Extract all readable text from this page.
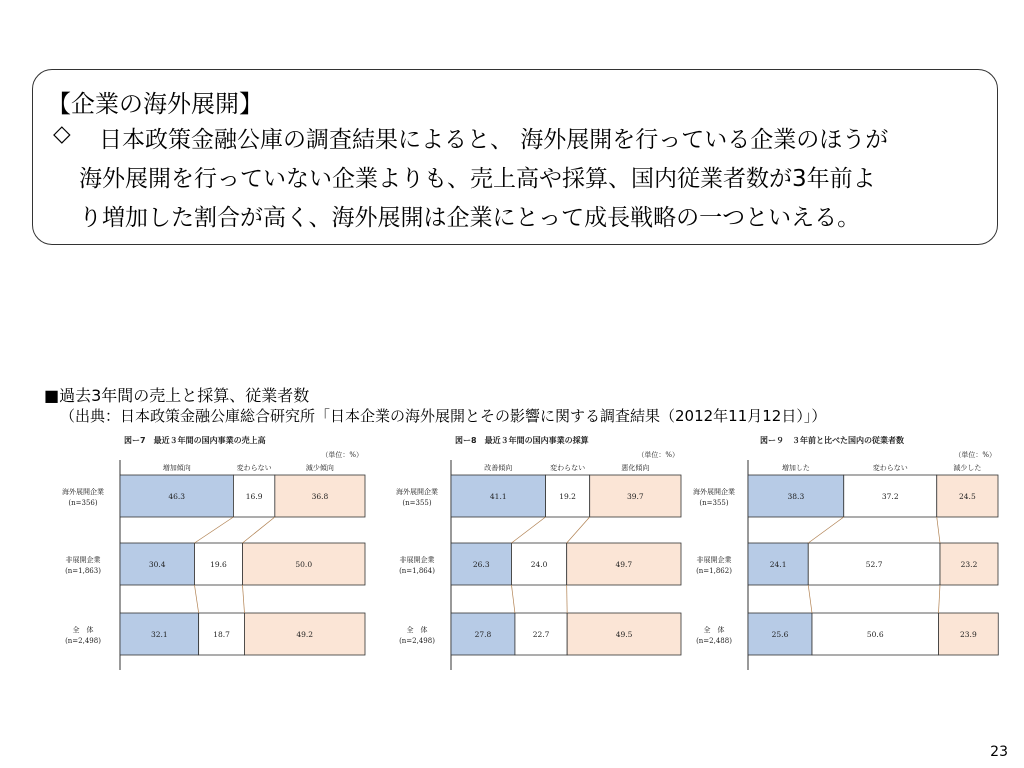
【企業の海外展開】
◇ 日本政策金融公庫の調査結果によると、 海外展開を行っている企業のほうが
海外展開を行っていない企業よりも、売上高や採算、国内従業者数が3年前よ
り増加した割合が高く、海外展開は企業にとって成長戦略の一つといえる。
■過去3年間の売上と採算、従業者数
（出典：日本政策金融公庫総合研究所「日本企業の海外展開とその影響に関する調査結果（2012年11月12日）」）
図ー7　最近３年間の国内事業の売上高
（単位：%）
増加傾向	変わらない	減少傾向
46.3	16.9	36.8
海外展開企業
(n=356)
30.4	19.6	50.0
非展開企業
(n=1,863)
32.1	18.7	49.2
全　体
(n=2,498)
図ー8　最近３年間の国内事業の採算
（単位：%）
改善傾向	変わらない	悪化傾向
41.1	19.2	39.7
海外展開企業
(n=355)
26.3	24.0	49.7
非展開企業
(n=1,864)
27.8	22.7	49.5
全　体
(n=2,498)
図ー９　３年前と比べた国内の従業者数
（単位：%）
増加した	変わらない	減少した
38.3	37.2	24.5
海外展開企業
(n=355)
24.1	52.7	23.2
非展開企業
(n=1,862)
25.6	50.6	23.9
全　体
(n=2,488)
23
